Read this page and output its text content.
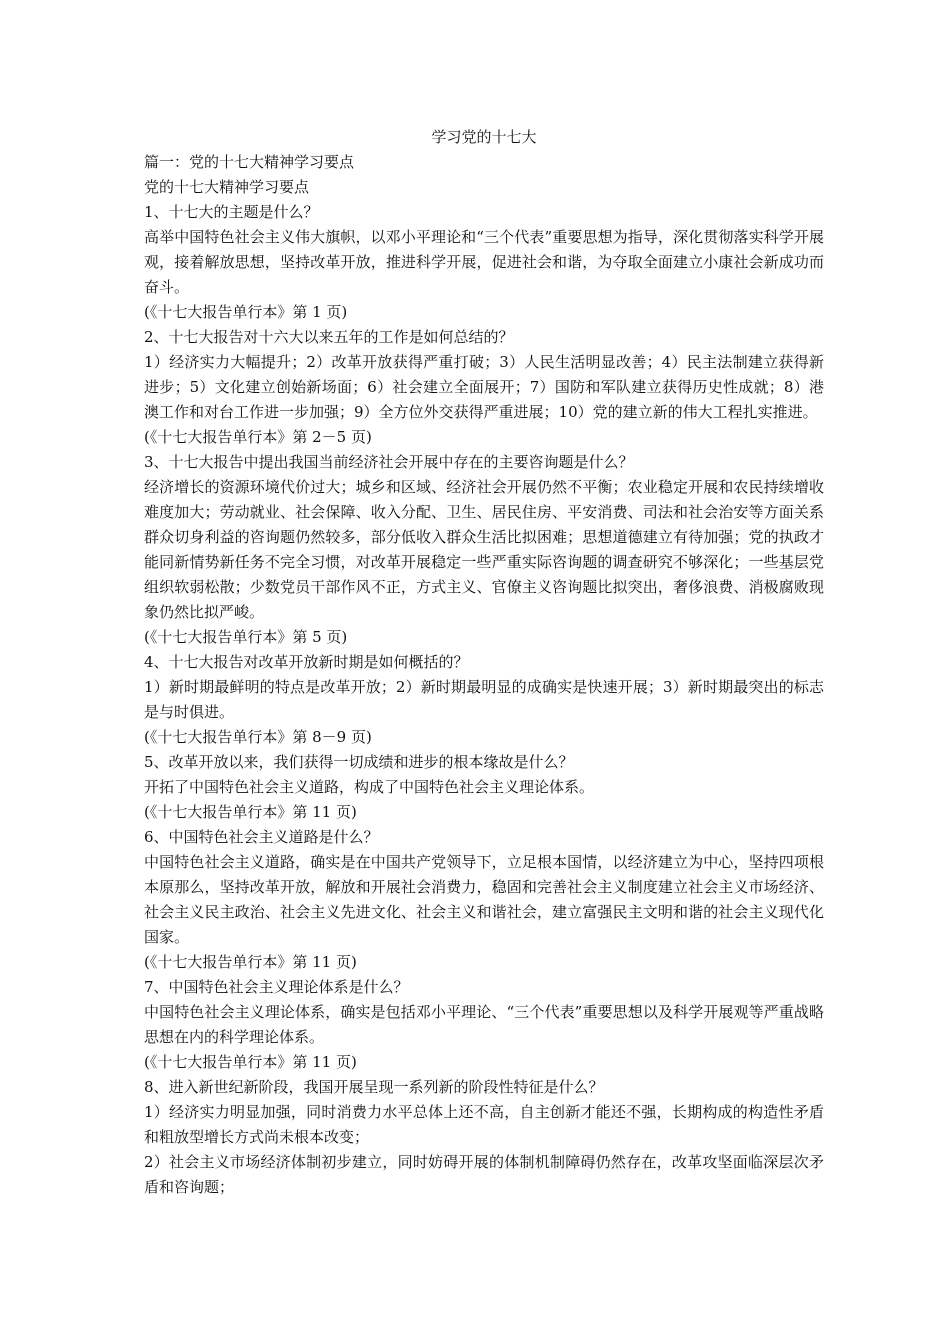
学习党的十七大
篇一：党的十七大精神学习要点
党的十七大精神学习要点
1、十七大的主题是什么？
高举中国特色社会主义伟大旗帜，以邓小平理论和“三个代表”重要思想为指导，深化贯彻落实科学开展观，接着解放思想，坚持改革开放，推进科学开展，促进社会和谐，为夺取全面建立小康社会新成功而奋斗。
(《十七大报告单行本》第 1 页)
2、十七大报告对十六大以来五年的工作是如何总结的？
1）经济实力大幅提升；2）改革开放获得严重打破；3）人民生活明显改善；4）民主法制建立获得新进步；5）文化建立创始新场面；6）社会建立全面展开；7）国防和军队建立获得历史性成就；8）港澳工作和对台工作进一步加强；9）全方位外交获得严重进展；10）党的建立新的伟大工程扎实推进。
(《十七大报告单行本》第 2－5 页)
3、十七大报告中提出我国当前经济社会开展中存在的主要咨询题是什么？
经济增长的资源环境代价过大；城乡和区域、经济社会开展仍然不平衡；农业稳定开展和农民持续增收难度加大；劳动就业、社会保障、收入分配、卫生、居民住房、平安消费、司法和社会治安等方面关系群众切身利益的咨询题仍然较多，部分低收入群众生活比拟困难；思想道德建立有待加强；党的执政才能同新情势新任务不完全习惯，对改革开展稳定一些严重实际咨询题的调查研究不够深化；一些基层党组织软弱松散；少数党员干部作风不正，方式主义、官僚主义咨询题比拟突出，奢侈浪费、消极腐败现象仍然比拟严峻。
(《十七大报告单行本》第 5 页)
4、十七大报告对改革开放新时期是如何概括的？
1）新时期最鲜明的特点是改革开放；2）新时期最明显的成确实是快速开展；3）新时期最突出的标志是与时俱进。
(《十七大报告单行本》第 8－9 页)
5、改革开放以来，我们获得一切成绩和进步的根本缘故是什么？
开拓了中国特色社会主义道路，构成了中国特色社会主义理论体系。
(《十七大报告单行本》第 11 页)
6、中国特色社会主义道路是什么？
中国特色社会主义道路，确实是在中国共产党领导下，立足根本国情，以经济建立为中心，坚持四项根本原那么，坚持改革开放，解放和开展社会消费力，稳固和完善社会主义制度建立社会主义市场经济、社会主义民主政治、社会主义先进文化、社会主义和谐社会，建立富强民主文明和谐的社会主义现代化国家。
(《十七大报告单行本》第 11 页)
7、中国特色社会主义理论体系是什么？
中国特色社会主义理论体系，确实是包括邓小平理论、“三个代表”重要思想以及科学开展观等严重战略思想在内的科学理论体系。
(《十七大报告单行本》第 11 页)
8、进入新世纪新阶段，我国开展呈现一系列新的阶段性特征是什么？
1）经济实力明显加强，同时消费力水平总体上还不高，自主创新才能还不强，长期构成的构造性矛盾和粗放型增长方式尚未根本改变；
2）社会主义市场经济体制初步建立，同时妨碍开展的体制机制障碍仍然存在，改革攻坚面临深层次矛盾和咨询题；
